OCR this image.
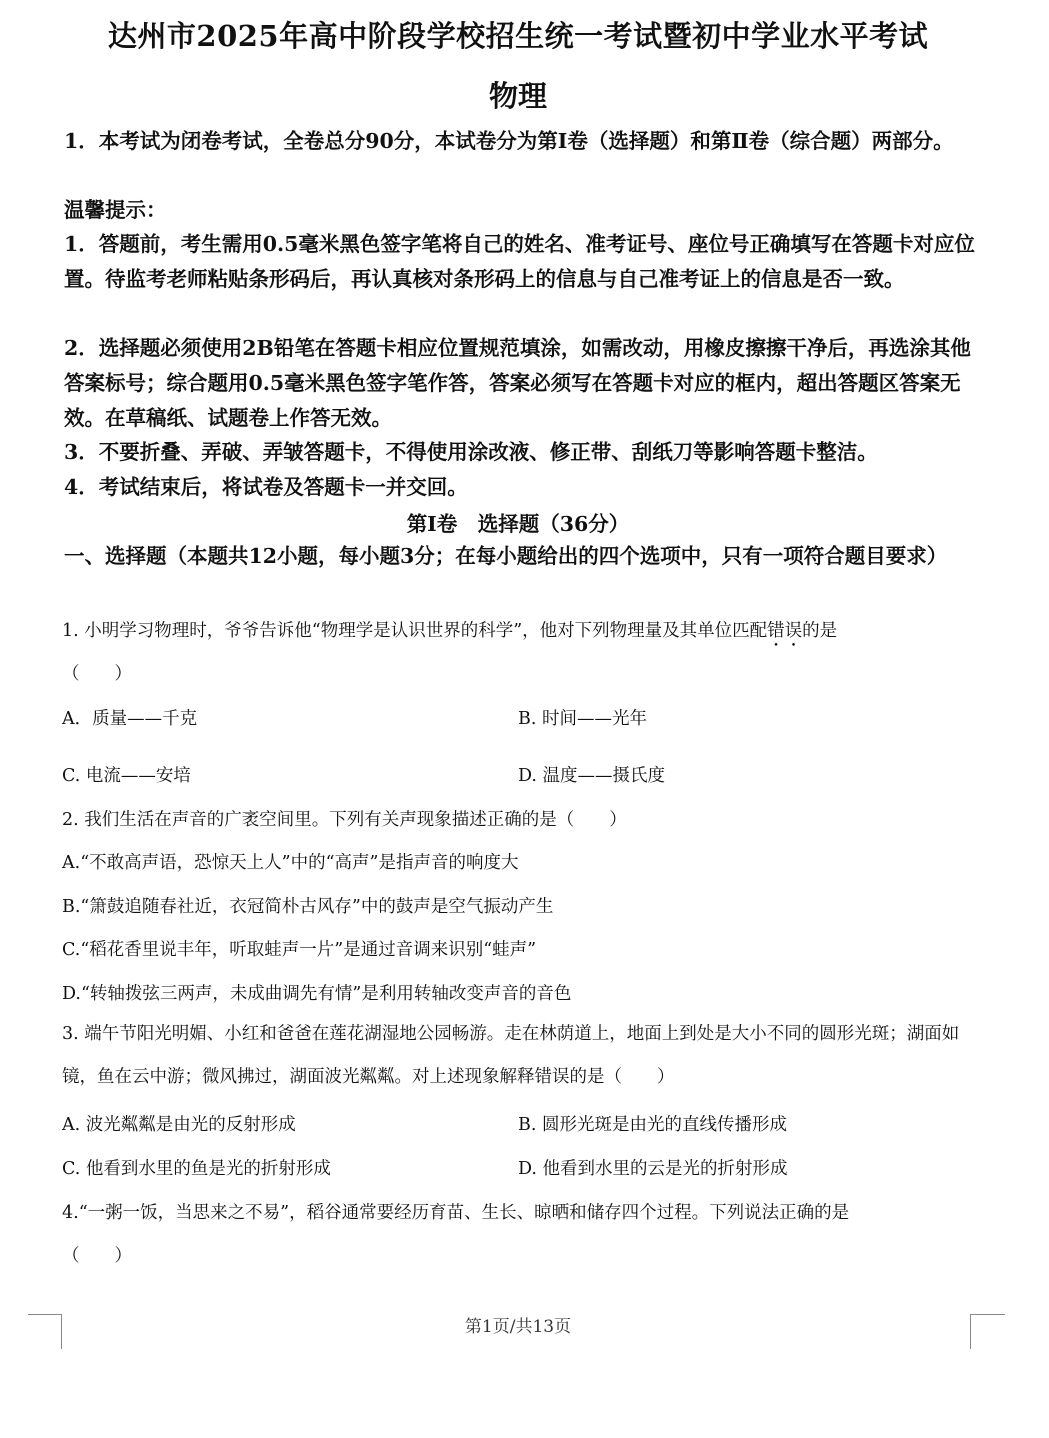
达州市2025年高中阶段学校招生统一考试暨初中学业水平考试
物理
1．本考试为闭卷考试，全卷总分90分，本试卷分为第Ⅰ卷（选择题）和第Ⅱ卷（综合题）两部分。
温馨提示：
1．答题前，考生需用0.5毫米黑色签字笔将自己的姓名、准考证号、座位号正确填写在答题卡对应位置。待监考老师粘贴条形码后，再认真核对条形码上的信息与自己准考证上的信息是否一致。
2．选择题必须使用2B铅笔在答题卡相应位置规范填涂，如需改动，用橡皮擦擦干净后，再选涂其他答案标号；综合题用0.5毫米黑色签字笔作答，答案必须写在答题卡对应的框内，超出答题区答案无效。在草稿纸、试题卷上作答无效。
3．不要折叠、弄破、弄皱答题卡，不得使用涂改液、修正带、刮纸刀等影响答题卡整洁。
4．考试结束后，将试卷及答题卡一并交回。
第Ⅰ卷　选择题（36分）
一、选择题（本题共12小题，每小题3分；在每小题给出的四个选项中，只有一项符合题目要求）
1. 小明学习物理时，爷爷告诉他“物理学是认识世界的科学”，他对下列物理量及其单位匹配错误的是
（　　）
A．质量——千克	B. 时间——光年
C. 电流——安培	D. 温度——摄氏度
2. 我们生活在声音的广袤空间里。下列有关声现象描述正确的是（　　）
A.“不敢高声语，恐惊天上人”中的“高声”是指声音的响度大
B.“箫鼓追随春社近，衣冠简朴古风存”中的鼓声是空气振动产生
C.“稻花香里说丰年，听取蛙声一片”是通过音调来识别“蛙声”
D.“转轴拨弦三两声，未成曲调先有情”是利用转轴改变声音的音色
3. 端午节阳光明媚、小红和爸爸在莲花湖湿地公园畅游。走在林荫道上，地面上到处是大小不同的圆形光斑；湖面如镜，鱼在云中游；微风拂过，湖面波光粼粼。对上述现象解释错误的是（　　）
A. 波光粼粼是由光的反射形成	B. 圆形光斑是由光的直线传播形成
C. 他看到水里的鱼是光的折射形成	D. 他看到水里的云是光的折射形成
4.“一粥一饭，当思来之不易”，稻谷通常要经历育苗、生长、晾晒和储存四个过程。下列说法正确的是
（　　）
第1页/共13页
